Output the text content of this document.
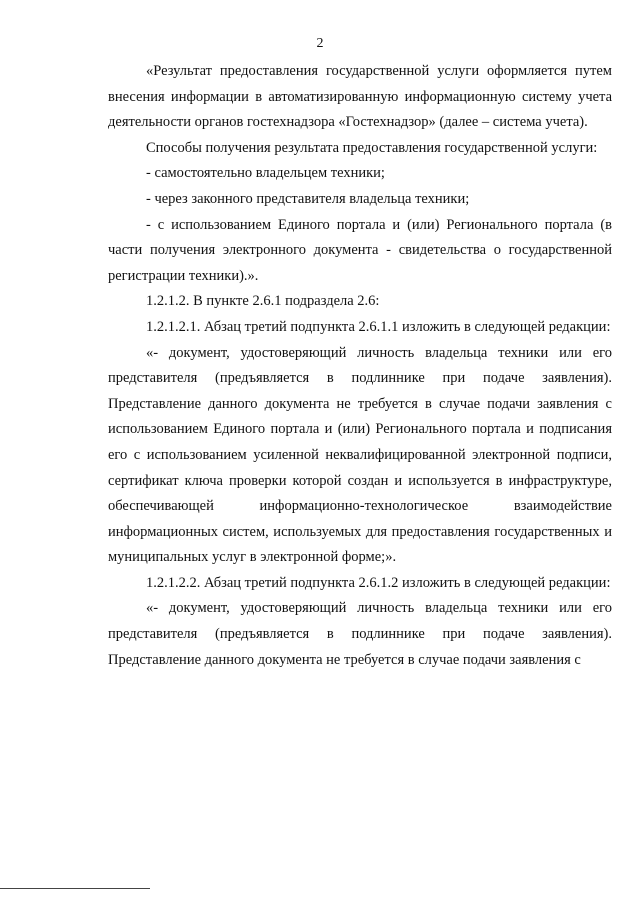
2

«Результат предоставления государственной услуги оформляется путем внесения информации в автоматизированную информационную систему учета деятельности органов гостехнадзора «Гостехнадзор» (далее – система учета).

Способы получения результата предоставления государственной услуги:

- самостоятельно владельцем техники;

- через законного представителя владельца техники;

- с использованием Единого портала и (или) Регионального портала (в части получения электронного документа - свидетельства о государственной регистрации техники).».

1.2.1.2. В пункте 2.6.1 подраздела 2.6:

1.2.1.2.1. Абзац третий подпункта 2.6.1.1 изложить в следующей редакции:

«- документ, удостоверяющий личность владельца техники или его представителя (предъявляется в подлиннике при подаче заявления). Представление данного документа не требуется в случае подачи заявления с использованием Единого портала и (или) Регионального портала и подписания его с использованием усиленной неквалифицированной электронной подписи, сертификат ключа проверки которой создан и используется в инфраструктуре, обеспечивающей информационно-технологическое взаимодействие информационных систем, используемых для предоставления государственных и муниципальных услуг в электронной форме;».

1.2.1.2.2. Абзац третий подпункта 2.6.1.2 изложить в следующей редакции:

«- документ, удостоверяющий личность владельца техники или его представителя (предъявляется в подлиннике при подаче заявления). Представление данного документа не требуется в случае подачи заявления с
